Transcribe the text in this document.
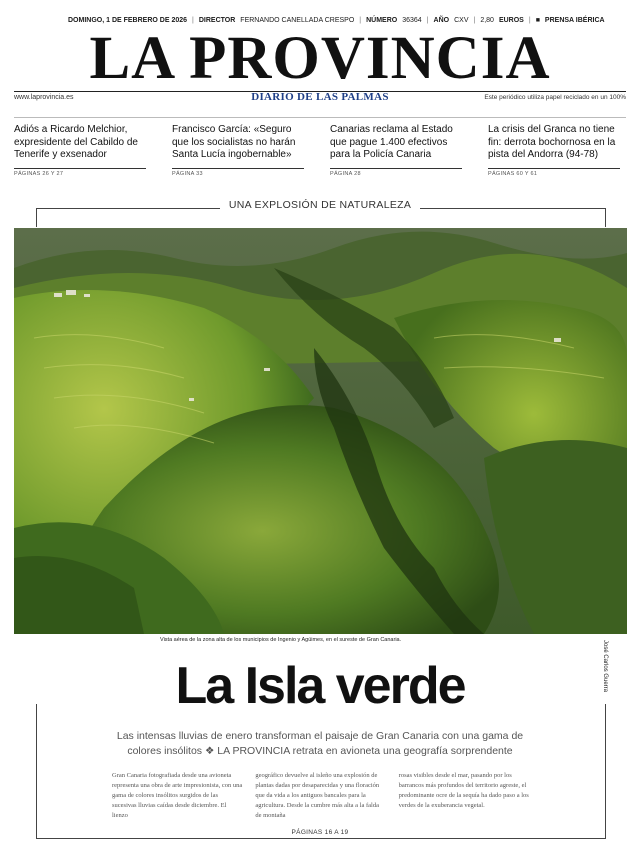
DOMINGO, 1 DE FEBRERO DE 2026 | DIRECTOR FERNANDO CANELLADA CRESPO | NÚMERO 36364 | AÑO CXV | 2,80 EUROS | ■ PRENSA IBÉRICA
LA PROVINCIA
www.laprovincia.es	DIARIO DE LAS PALMAS	Este periódico utiliza papel reciclado en un 100%
Adiós a Ricardo Melchior, expresidente del Cabildo de Tenerife y exsenador
PÁGINAS 26 Y 27
Francisco García: «Seguro que los socialistas no harán Santa Lucía ingobernable»
PÁGINA 33
Canarias reclama al Estado que pague 1.400 efectivos para la Policía Canaria
PÁGINA 28
La crisis del Granca no tiene fin: derrota bochornosa en la pista del Andorra (94-78)
PÁGINAS 60 Y 61
UNA EXPLOSIÓN DE NATURALEZA
Vista aérea de la zona alta de los municipios de Ingenio y Agüimes, en el sureste de Gran Canaria.	José Carlos Guerra
La Isla verde
Las intensas lluvias de enero transforman el paisaje de Gran Canaria con una gama de
colores insólitos ❖ LA PROVINCIA retrata en avioneta una geografía sorprendente
Gran Canaria fotografiada desde una avioneta representa una obra de arte impresionista, con una gama de colores insólitos surgidos de las sucesivas lluvias caídas desde diciembre. El lienzo
geográfico devuelve al isleño una explosión de plantas dadas por desaparecidas y una floración que da vida a los antiguos bancales para la agricultura. Desde la cumbre más alta a la falda de montaña
rosas visibles desde el mar, pasando por los barrancos más profundos del territorio agreste, el predominante ocre de la sequía ha dado paso a los verdes de la exuberancia vegetal.
PÁGINAS 16 A 19
